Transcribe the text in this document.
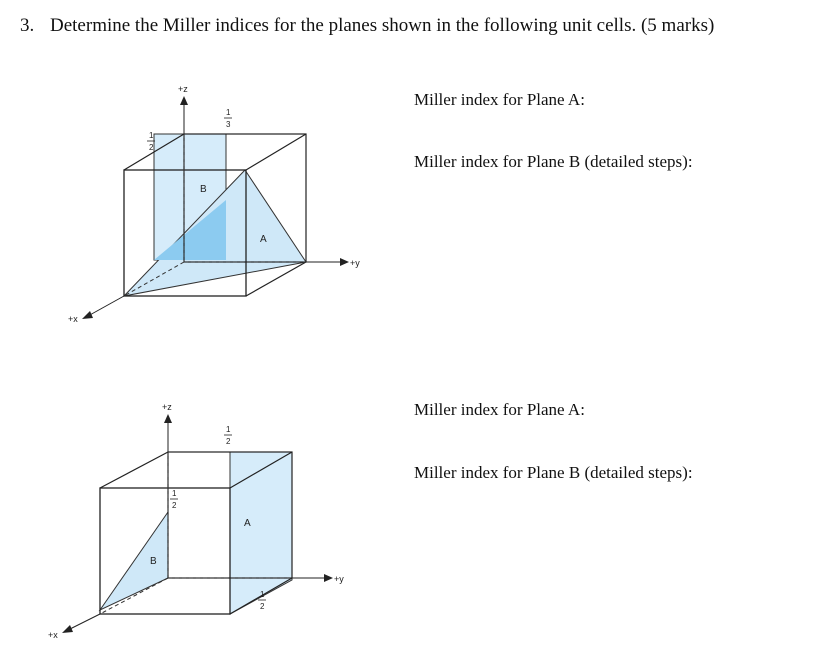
3. Determine the Miller indices for the planes shown in the following unit cells. (5 marks)
+z
+y
+x
1
2
1
3
B
A
+z
+y
+x
1
2
1
2
1
2
A
B
Miller index for Plane A:
Miller index for Plane B (detailed steps):
Miller index for Plane A:
Miller index for Plane B (detailed steps):
